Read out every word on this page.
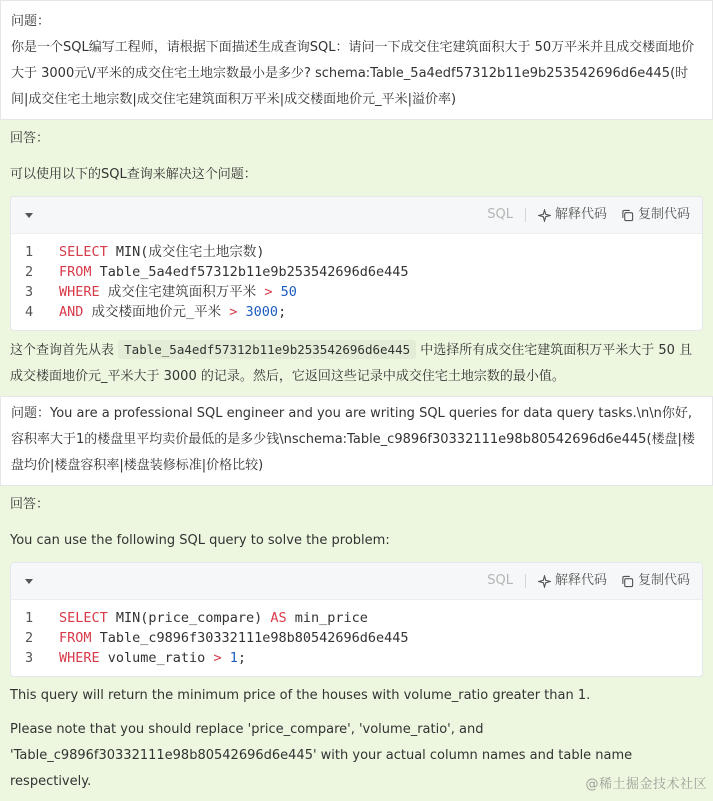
问题：

你是一个SQL编写工程师，请根据下面描述生成查询SQL：请问一下成交住宅建筑面积大于 50万平米并且成交楼面地价大于 3000元\/平米的成交住宅土地宗数最小是多少? schema:Table_5a4edf57312b11e9b253542696d6e445(时间|成交住宅土地宗数|成交住宅建筑面积万平米|成交楼面地价元_平米|溢价率)

回答：

可以使用以下的SQL查询来解决这个问题：

SQL	解释代码 复制代码
1	SELECT MIN(成交住宅土地宗数)
2	FROM Table_5a4edf57312b11e9b253542696d6e445
3	WHERE 成交住宅建筑面积万平米 > 50
4	AND 成交楼面地价元_平米 > 3000 ;

这个查询首先从表 Table_5a4edf57312b11e9b253542696d6e445 中选择所有成交住宅建筑面积万平米大于 50 且成交楼面地价元_平米大于 3000 的记录。然后，它返回这些记录中成交住宅土地宗数的最小值。

问题：You are a professional SQL engineer and you are writing SQL queries for data query tasks.\n\n你好,容积率大于1的楼盘里平均卖价最低的是多少钱\nschema:Table_c9896f30332111e98b80542696d6e445(楼盘|楼盘均价|楼盘容积率|楼盘装修标准|价格比较)

回答：

You can use the following SQL query to solve the problem:

SQL	解释代码 复制代码
1	SELECT MIN(price_compare) AS min_price
2	FROM Table_c9896f30332111e98b80542696d6e445
3	WHERE volume_ratio > 1 ;

This query will return the minimum price of the houses with volume_ratio greater than 1.

Please note that you should replace 'price_compare', 'volume_ratio', and

'Table_c9896f30332111e98b80542696d6e445' with your actual column names and table name respectively.	@稀土掘金技术社区
